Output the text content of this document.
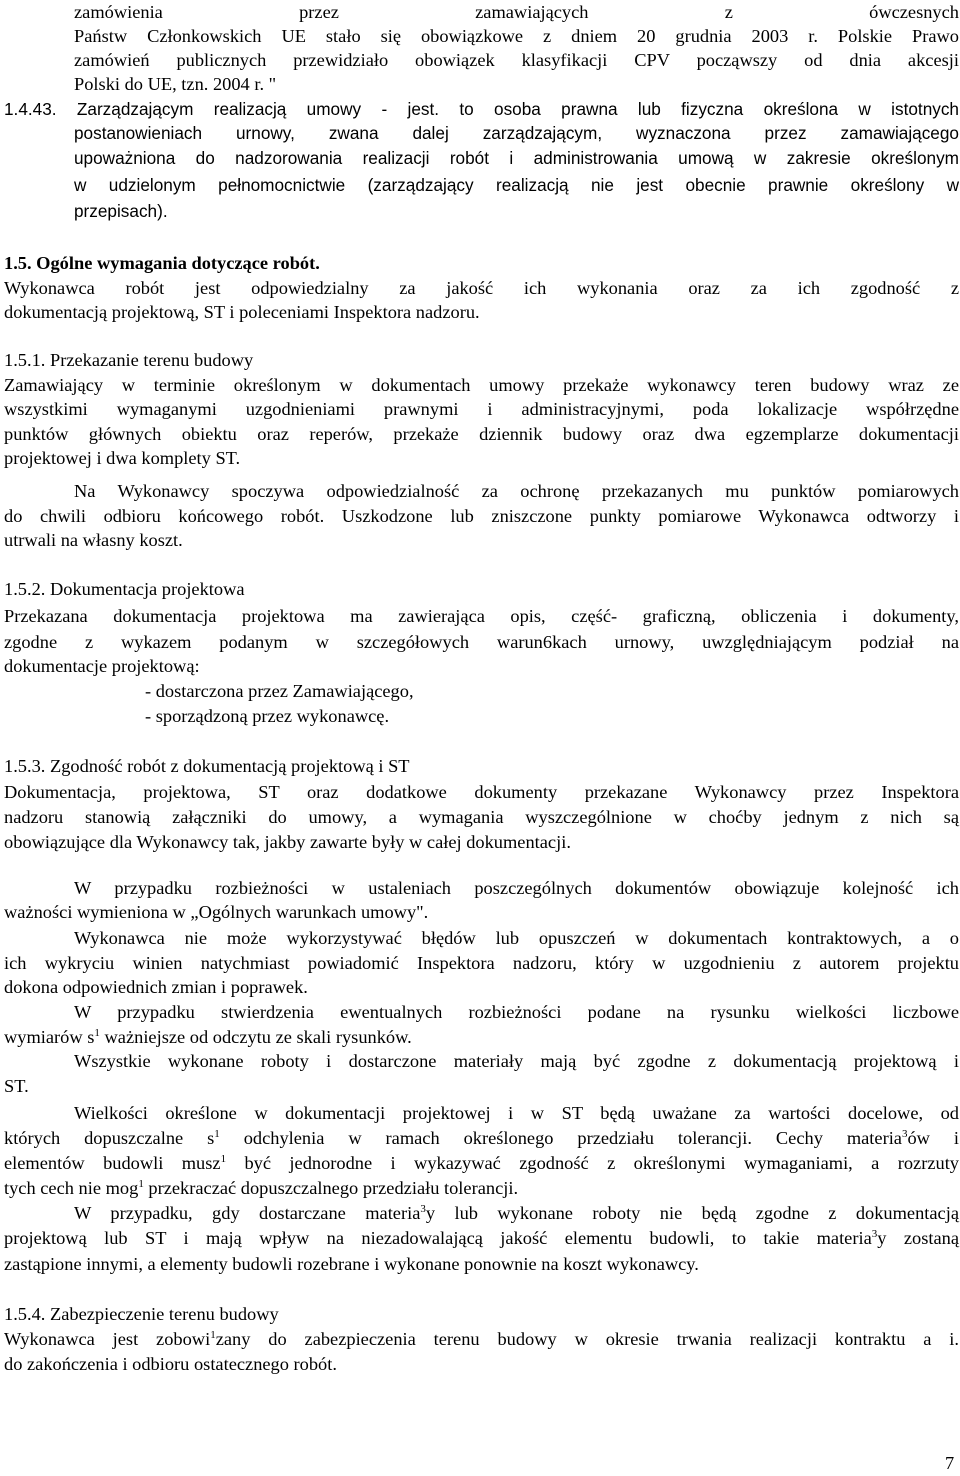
zamówienia przez zamawiających z ówczesnych
Państw Członkowskich UE stało się obowiązkowe z dniem 20 grudnia 2003 r. Polskie Prawo
zamówień publicznych przewidziało obowiązek klasyfikacji CPV począwszy od dnia akcesji
Polski do UE, tzn. 2004 r. "
1.4.43. Zarządzającym realizacją umowy - jest. to osoba prawna lub fizyczna określona w istotnych
postanowieniach urnowy, zwana dalej zarządzającym, wyznaczona przez zamawiającego
upoważniona do nadzorowania realizacji robót i administrowania umową w zakresie określonym
w udzielonym pełnomocnictwie (zarządzający realizacją nie jest obecnie prawnie określony w
przepisach).
1.5. Ogólne wymagania dotyczące robót.
Wykonawca robót jest odpowiedzialny za jakość ich wykonania oraz za ich zgodność z
dokumentacją projektową, ST i poleceniami Inspektora nadzoru.
1.5.1. Przekazanie terenu budowy
Zamawiający w terminie określonym w dokumentach umowy przekaże wykonawcy teren budowy wraz ze
wszystkimi wymaganymi uzgodnieniami prawnymi i administracyjnymi, poda lokalizacje współrzędne
punktów głównych obiektu oraz reperów, przekaże dziennik budowy oraz dwa egzemplarze dokumentacji
projektowej i dwa komplety ST.
Na Wykonawcy spoczywa odpowiedzialność za ochronę przekazanych mu punktów pomiarowych
do chwili odbioru końcowego robót. Uszkodzone lub zniszczone punkty pomiarowe Wykonawca odtworzy i
utrwali na własny koszt.
1.5.2. Dokumentacja projektowa
Przekazana dokumentacja projektowa ma zawierająca opis, część- graficzną, obliczenia i dokumenty,
zgodne z wykazem podanym w szczegółowych warun6kach urnowy, uwzględniającym podział na
dokumentacje projektową:
- dostarczona przez Zamawiającego,
- sporządzoną przez wykonawcę.
1.5.3. Zgodność robót z dokumentacją projektową i ST
Dokumentacja, projektowa, ST oraz dodatkowe dokumenty przekazane Wykonawcy przez Inspektora
nadzoru stanowią załączniki do umowy, a wymagania wyszczególnione w choćby jednym z nich są
obowiązujące dla Wykonawcy tak, jakby zawarte były w całej dokumentacji.
W przypadku rozbieżności w ustaleniach poszczególnych dokumentów obowiązuje kolejność ich
ważności wymieniona w „Ogólnych warunkach umowy".
Wykonawca nie może wykorzystywać błędów lub opuszczeń w dokumentach kontraktowych, a o
ich wykryciu winien natychmiast powiadomić Inspektora nadzoru, który w uzgodnieniu z autorem projektu
dokona odpowiednich zmian i poprawek.
W przypadku stwierdzenia ewentualnych rozbieżności podane na rysunku wielkości liczbowe
wymiarów $s^1$ ważniejsze od odczytu ze skali rysunków.
Wszystkie wykonane roboty i dostarczone materiały mają być zgodne z dokumentacją projektową i
ST.
Wielkości określone w dokumentacji projektowej i w ST będą uważane za wartości docelowe, od
których dopuszczalne $s^1$ odchylenia w ramach określonego przedziału tolerancji. Cechy materia$^3$ów i
elementów budowli musz$^1$ być jednorodne i wykazywać zgodność z określonymi wymaganiami, a rozrzuty
tych cech nie mog$^1$ przekraczać dopuszczalnego przedziału tolerancji.
W przypadku, gdy dostarczane materia$^3$y lub wykonane roboty nie będą zgodne z dokumentacją
projektową lub ST i mają wpływ na niezadowalającą jakość elementu budowli, to takie materia$^3$y zostaną
zastąpione innymi, a elementy budowli rozebrane i wykonane ponownie na koszt wykonawcy.
1.5.4. Zabezpieczenie terenu budowy
Wykonawca jest zobowi$^1$zany do zabezpieczenia terenu budowy w okresie trwania realizacji kontraktu a i.
do zakończenia i odbioru ostatecznego robót.
7
